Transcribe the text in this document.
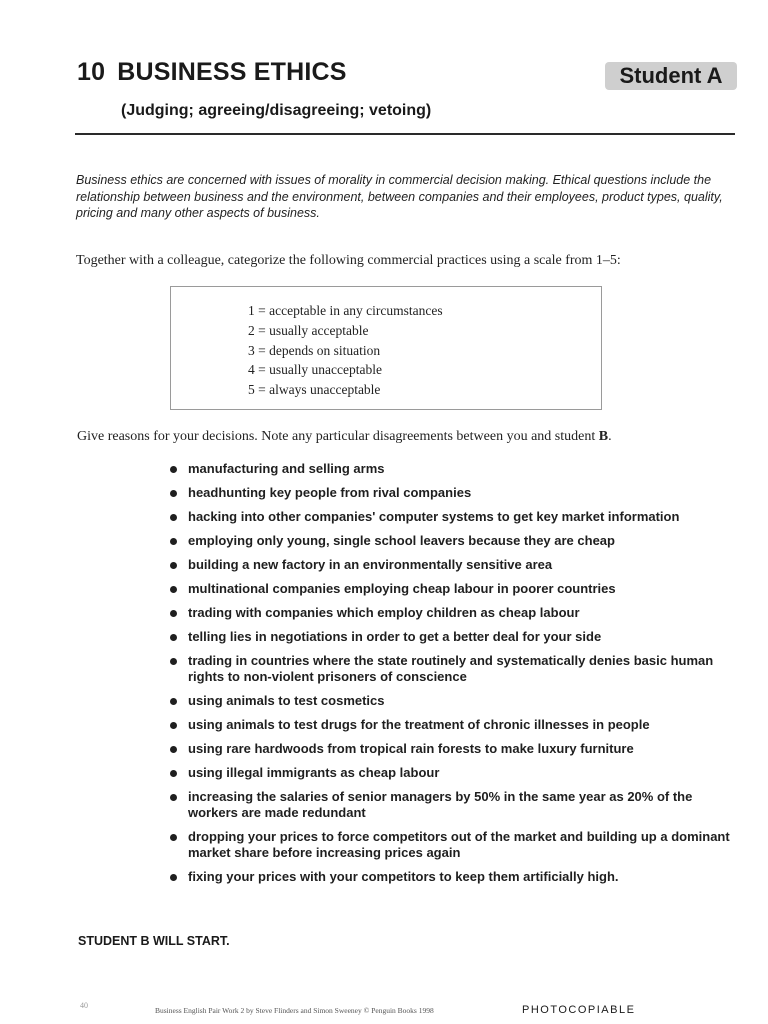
10 BUSINESS ETHICS	Student A
(Judging; agreeing/disagreeing; vetoing)
Business ethics are concerned with issues of morality in commercial decision making. Ethical questions include the relationship between business and the environment, between companies and their employees, product types, quality, pricing and many other aspects of business.
Together with a colleague, categorize the following commercial practices using a scale from 1–5:
1 = acceptable in any circumstances
2 = usually acceptable
3 = depends on situation
4 = usually unacceptable
5 = always unacceptable
Give reasons for your decisions. Note any particular disagreements between you and student B.
manufacturing and selling arms
headhunting key people from rival companies
hacking into other companies' computer systems to get key market information
employing only young, single school leavers because they are cheap
building a new factory in an environmentally sensitive area
multinational companies employing cheap labour in poorer countries
trading with companies which employ children as cheap labour
telling lies in negotiations in order to get a better deal for your side
trading in countries where the state routinely and systematically denies basic human rights to non-violent prisoners of conscience
using animals to test cosmetics
using animals to test drugs for the treatment of chronic illnesses in people
using rare hardwoods from tropical rain forests to make luxury furniture
using illegal immigrants as cheap labour
increasing the salaries of senior managers by 50% in the same year as 20% of the workers are made redundant
dropping your prices to force competitors out of the market and building up a dominant market share before increasing prices again
fixing your prices with your competitors to keep them artificially high.
STUDENT B WILL START.
40
Business English Pair Work 2 by Steve Flinders and Simon Sweeney © Penguin Books 1998	PHOTOCOPIABLE
